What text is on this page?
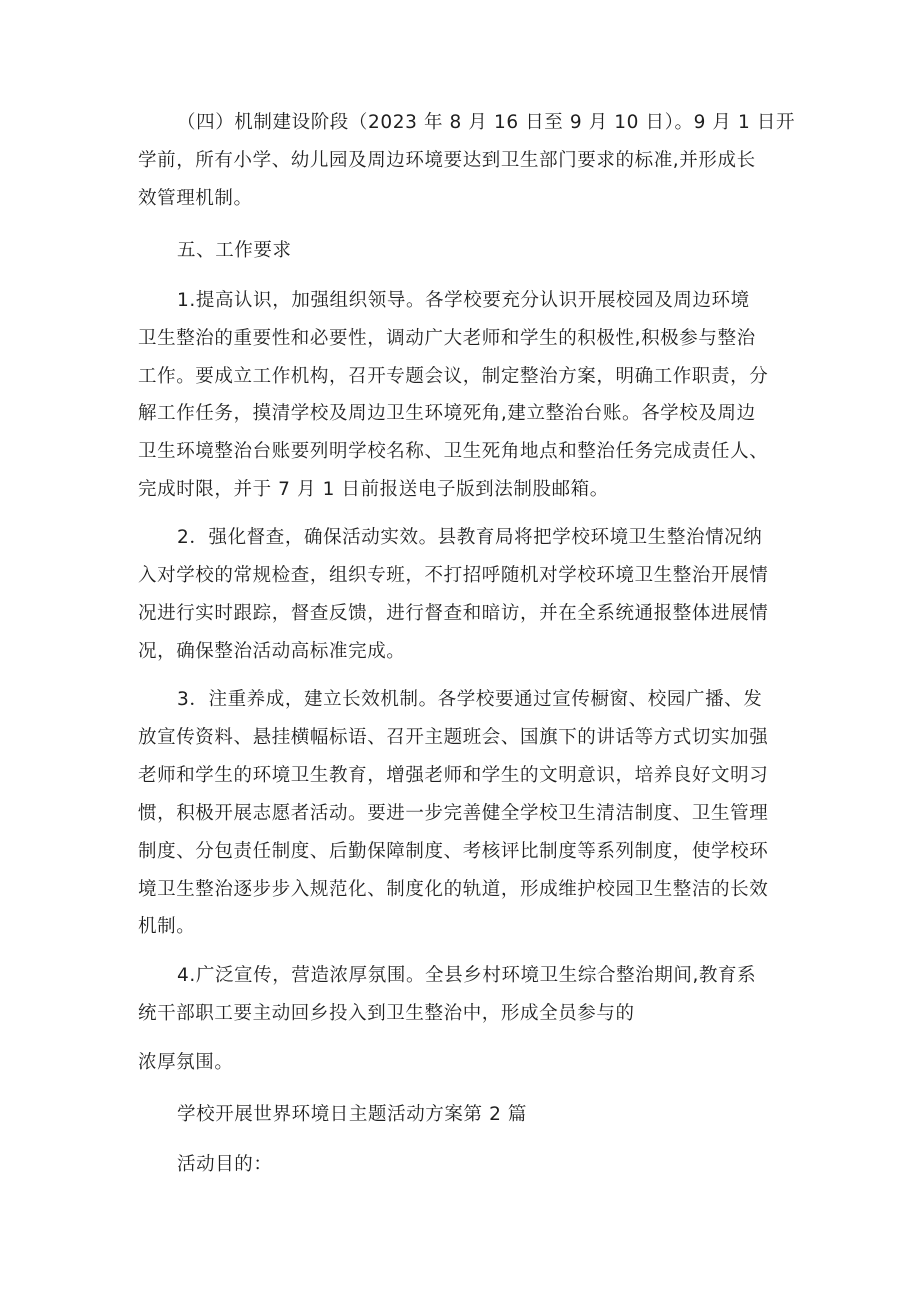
（四）机制建设阶段（2023 年 8 月 16 日至 9 月 10 日）。9 月 1 日开
学前，所有小学、幼儿园及周边环境要达到卫生部门要求的标准,并形成长
效管理机制。
五、工作要求
1.提高认识，加强组织领导。各学校要充分认识开展校园及周边环境
卫生整治的重要性和必要性，调动广大老师和学生的积极性,积极参与整治
工作。要成立工作机构，召开专题会议，制定整治方案，明确工作职责，分
解工作任务，摸清学校及周边卫生环境死角,建立整治台账。各学校及周边
卫生环境整治台账要列明学校名称、卫生死角地点和整治任务完成责任人、
完成时限，并于 7 月 1 日前报送电子版到法制股邮箱。
2．强化督查，确保活动实效。县教育局将把学校环境卫生整治情况纳
入对学校的常规检查，组织专班，不打招呼随机对学校环境卫生整治开展情
况进行实时跟踪，督查反馈，进行督查和暗访，并在全系统通报整体进展情
况，确保整治活动高标准完成。
3．注重养成，建立长效机制。各学校要通过宣传橱窗、校园广播、发
放宣传资料、悬挂横幅标语、召开主题班会、国旗下的讲话等方式切实加强
老师和学生的环境卫生教育，增强老师和学生的文明意识，培养良好文明习
惯，积极开展志愿者活动。要进一步完善健全学校卫生清洁制度、卫生管理
制度、分包责任制度、后勤保障制度、考核评比制度等系列制度，使学校环
境卫生整治逐步步入规范化、制度化的轨道，形成维护校园卫生整洁的长效
机制。
4.广泛宣传，营造浓厚氛围。全县乡村环境卫生综合整治期间,教育系
统干部职工要主动回乡投入到卫生整治中，形成全员参与的
浓厚氛围。
学校开展世界环境日主题活动方案第 2 篇
活动目的：
